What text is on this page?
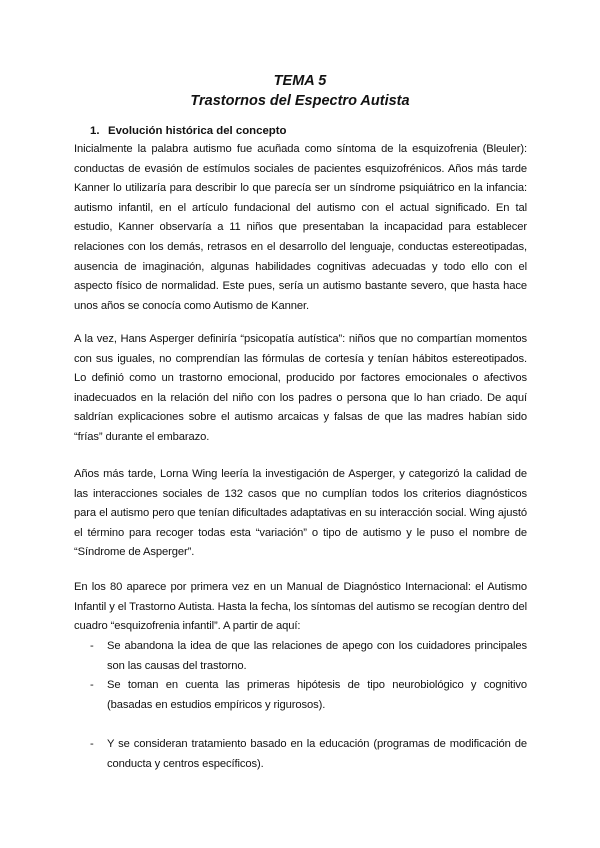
TEMA 5
Trastornos del Espectro Autista
1. Evolución histórica del concepto

Inicialmente la palabra autismo fue acuñada como síntoma de la esquizofrenia (Bleuler): conductas de evasión de estímulos sociales de pacientes esquizofrénicos. Años más tarde Kanner lo utilizaría para describir lo que parecía ser un síndrome psiquiátrico en la infancia: autismo infantil, en el artículo fundacional del autismo con el actual significado. En tal estudio, Kanner observaría a 11 niños que presentaban la incapacidad para establecer relaciones con los demás, retrasos en el desarrollo del lenguaje, conductas estereotipadas, ausencia de imaginación, algunas habilidades cognitivas adecuadas y todo ello con el aspecto físico de normalidad. Este pues, sería un autismo bastante severo, que hasta hace unos años se conocía como Autismo de Kanner.

A la vez, Hans Asperger definiría “psicopatía autística”: niños que no compartían momentos con sus iguales, no comprendían las fórmulas de cortesía y tenían hábitos estereotipados. Lo definió como un trastorno emocional, producido por factores emocionales o afectivos inadecuados en la relación del niño con los padres o persona que lo han criado. De aquí saldrían explicaciones sobre el autismo arcaicas y falsas de que las madres habían sido “frías” durante el embarazo.

Años más tarde, Lorna Wing leería la investigación de Asperger, y categorizó la calidad de las interacciones sociales de 132 casos que no cumplían todos los criterios diagnósticos para el autismo pero que tenían dificultades adaptativas en su interacción social. Wing ajustó el término para recoger todas esta “variación” o tipo de autismo y le puso el nombre de “Síndrome de Asperger”.

En los 80 aparece por primera vez en un Manual de Diagnóstico Internacional: el Autismo Infantil y el Trastorno Autista. Hasta la fecha, los síntomas del autismo se recogían dentro del cuadro “esquizofrenia infantil”. A partir de aquí:

-	Se abandona la idea de que las relaciones de apego con los cuidadores principales son las causas del trastorno.
-	Se toman en cuenta las primeras hipótesis de tipo neurobiológico y cognitivo (basadas en estudios empíricos y rigurosos).
-	Y se consideran tratamiento basado en la educación (programas de modificación de conducta y centros específicos).
